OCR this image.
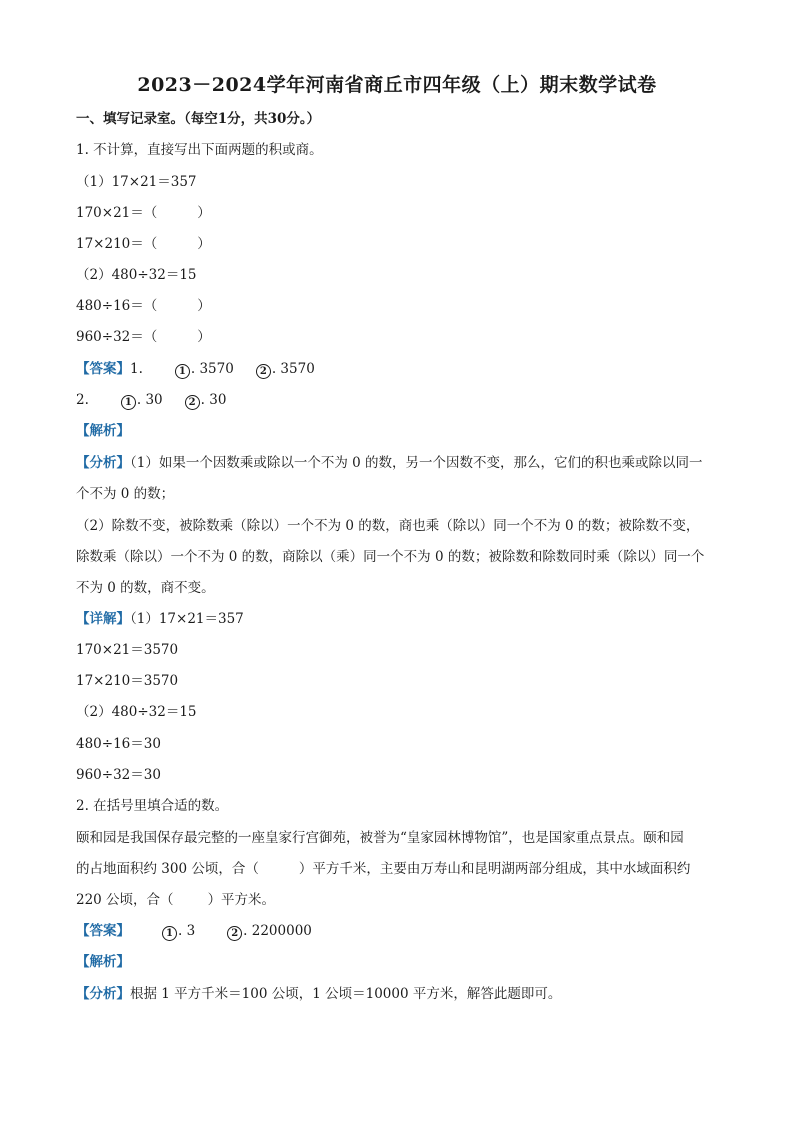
2023－2024学年河南省商丘市四年级（上）期末数学试卷
一、填写记录室。（每空1分，共30分。）
1. 不计算，直接写出下面两题的积或商。
（1）17×21＝357
170×21＝（	）
17×210＝（	）
（2）480÷32＝15
480÷16＝（	）
960÷32＝（	）
【答案】1.	1 . 3570	2 . 3570
2.	1 . 30	2 . 30
【解析】
【分析】（1）如果一个因数乘或除以一个不为 0 的数，另一个因数不变，那么，它们的积也乘或除以同一
个不为 0 的数；
（2）除数不变，被除数乘（除以）一个不为 0 的数，商也乘（除以）同一个不为 0 的数；被除数不变，
除数乘（除以）一个不为 0 的数，商除以（乘）同一个不为 0 的数；被除数和除数同时乘（除以）同一个
不为 0 的数，商不变。
【详解】（1）17×21＝357
170×21＝3570
17×210＝3570
（2）480÷32＝15
480÷16＝30
960÷32＝30
2. 在括号里填合适的数。
颐和园是我国保存最完整的一座皇家行宫御苑，被誉为“皇家园林博物馆”，也是国家重点景点。颐和园
的占地面积约 300 公顷，合（	）平方千米，主要由万寿山和昆明湖两部分组成，其中水域面积约
220 公顷，合（	）平方米。
【答案】	1 . 3	2 . 2200000
【解析】
【分析】根据 1 平方千米＝100 公顷，1 公顷＝10000 平方米，解答此题即可。
